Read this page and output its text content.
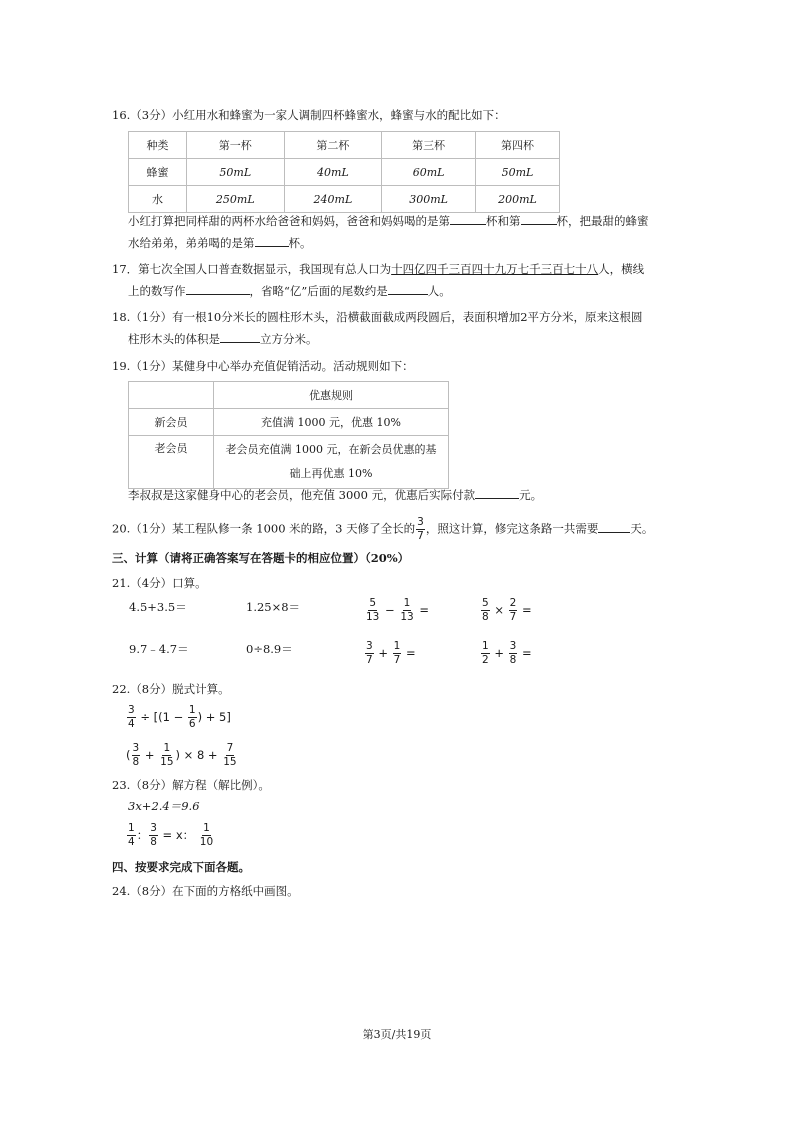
16.（3分）小红用水和蜂蜜为一家人调制四杯蜂蜜水，蜂蜜与水的配比如下：
种类	第一杯	第二杯	第三杯	第四杯
蜂蜜	50mL	40mL	60mL	50mL
水	250mL	240mL	300mL	200mL
小红打算把同样甜的两杯水给爸爸和妈妈，爸爸和妈妈喝的是第	杯和第	杯，把最甜的蜂蜜
水给弟弟，弟弟喝的是第	杯。
17．第七次全国人口普查数据显示，我国现有总人口为十四亿四千三百四十九万七千三百七十八人，横线
上的数写作	，省略“亿”后面的尾数约是	人。
18.（1分）有一根10分米长的圆柱形木头，沿横截面截成两段圆后，表面积增加2平方分米，原来这根圆
柱形木头的体积是	立方分米。
19.（1分）某健身中心举办充值促销活动。活动规则如下：
	优惠规则
新会员	充值满 1000 元，优惠 10%
老会员	老会员充值满 1000 元，在新会员优惠的基
础上再优惠 10%
李叔叔是这家健身中心的老会员，他充值 3000 元，优惠后实际付款	元。
20.（1分）某工程队修一条 1000 米的路，3 天修了全长的 $\frac{3}{7}$ ，照这计算，修完这条路一共需要	天。
三、计算（请将正确答案写在答题卡的相应位置）（20%）
21.（4分）口算。
4.5+3.5＝	1.25×8＝	$\frac{5}{13} - \frac{1}{13}$ =	$\frac{5}{8} \times \frac{2}{7}$ =
9.7﹣4.7＝	0÷8.9＝	$\frac{3}{7} + \frac{1}{7}$ =	$\frac{1}{2} + \frac{3}{8}$ =
22.（8分）脱式计算。
$\frac{3}{4} \div [(1 - \frac{1}{6}$ ) + 5]
( $\frac{3}{8} + \frac{1}{15}$ ) × $8 + \frac{7}{15}$
23.（8分）解方程（解比例）。
3x+2.4＝9.6
$\frac{1}{4}$ ： $\frac{3}{8} = x$： $\frac{1}{10}$
四、按要求完成下面各题。
24.（8分）在下面的方格纸中画图。
第3页/共19页
